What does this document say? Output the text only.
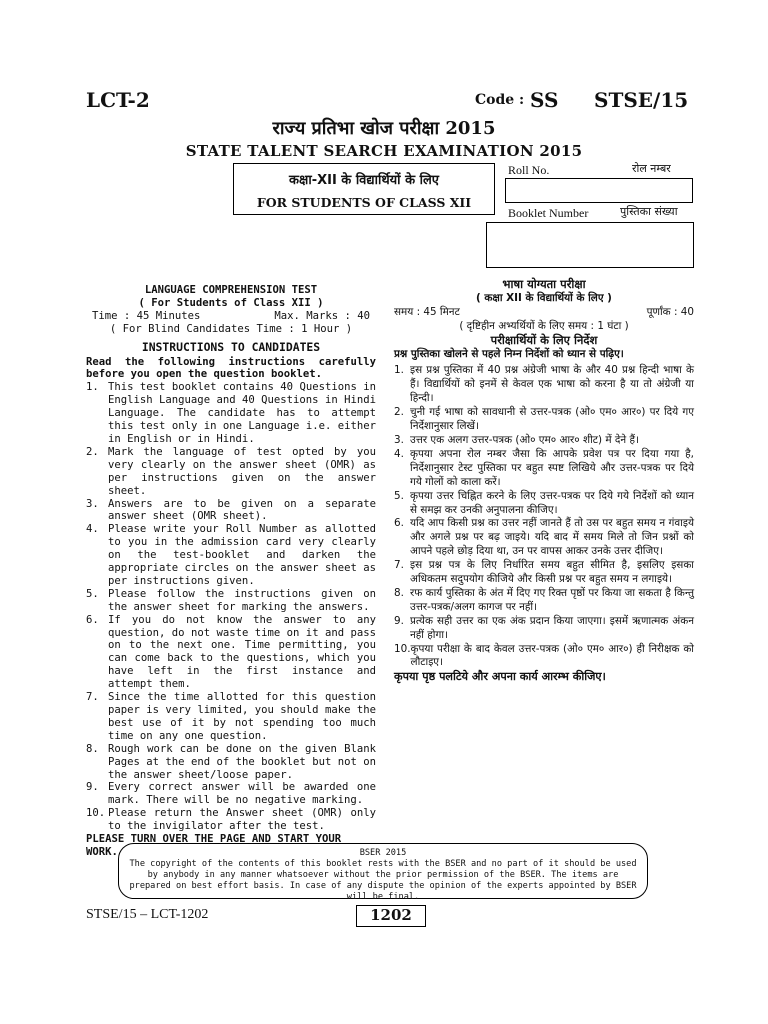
LCT-2	Code : SS STSE/15
राज्य प्रतिभा खोज परीक्षा 2015
STATE TALENT SEARCH EXAMINATION 2015
कक्षा-XII के विद्यार्थियों के लिए
FOR STUDENTS OF CLASS XII
Roll No.	रोल नम्बर
Booklet Number	पुस्तिका संख्या
LANGUAGE COMPREHENSION TEST
( For Students of Class XII )
Time : 45 Minutes	Max. Marks : 40
( For Blind Candidates Time : 1 Hour )
INSTRUCTIONS TO CANDIDATES
Read the following instructions carefully before you open the question booklet.
1. This test booklet contains 40 Questions in English Language and 40 Questions in Hindi Language. The candidate has to attempt this test only in one Language i.e. either in English or in Hindi.
2. Mark the language of test opted by you very clearly on the answer sheet (OMR) as per instructions given on the answer sheet.
3. Answers are to be given on a separate answer sheet (OMR sheet).
4. Please write your Roll Number as allotted to you in the admission card very clearly on the test-booklet and darken the appropriate circles on the answer sheet as per instructions given.
5. Please follow the instructions given on the answer sheet for marking the answers.
6. If you do not know the answer to any question, do not waste time on it and pass on to the next one. Time permitting, you can come back to the questions, which you have left in the first instance and attempt them.
7. Since the time allotted for this question paper is very limited, you should make the best use of it by not spending too much time on any one question.
8. Rough work can be done on the given Blank Pages at the end of the booklet but not on the answer sheet/loose paper.
9. Every correct answer will be awarded one mark. There will be no negative marking.
10. Please return the Answer sheet (OMR) only to the invigilator after the test.
PLEASE TURN OVER THE PAGE AND START YOUR WORK.
भाषा योग्यता परीक्षा
( कक्षा XII के विद्यार्थियों के लिए )
समय : 45 मिनट	पूर्णांक : 40
( दृष्टिहीन अभ्यर्थियों के लिए समय : 1 घंटा )
परीक्षार्थियों के लिए निर्देश
प्रश्न पुस्तिका खोलने से पहले निम्न निर्देशों को ध्यान से पढ़िए।
1. इस प्रश्न पुस्तिका में 40 प्रश्न अंग्रेजी भाषा के और 40 प्रश्न हिन्दी भाषा के हैं। विद्यार्थियों को इनमें से केवल एक भाषा को करना है या तो अंग्रेजी या हिन्दी।
2. चुनी गई भाषा को सावधानी से उत्तर-पत्रक (ओ० एम० आर०) पर दिये गए निर्देशानुसार लिखें।
3. उत्तर एक अलग उत्तर-पत्रक (ओ० एम० आर० शीट) में देने हैं।
4. कृपया अपना रोल नम्बर जैसा कि आपके प्रवेश पत्र पर दिया गया है, निर्देशानुसार टेस्ट पुस्तिका पर बहुत स्पष्ट लिखिये और उत्तर-पत्रक पर दिये गये गोलों को काला करें।
5. कृपया उत्तर चिह्नित करने के लिए उत्तर-पत्रक पर दिये गये निर्देशों को ध्यान से समझ कर उनकी अनुपालना कीजिए।
6. यदि आप किसी प्रश्न का उत्तर नहीं जानते हैं तो उस पर बहुत समय न गंवाइये और अगले प्रश्न पर बढ़ जाइये। यदि बाद में समय मिले तो जिन प्रश्नों को आपने पहले छोड़ दिया था, उन पर वापस आकर उनके उत्तर दीजिए।
7. इस प्रश्न पत्र के लिए निर्धारित समय बहुत सीमित है, इसलिए इसका अधिकतम सदुपयोग कीजिये और किसी प्रश्न पर बहुत समय न लगाइये।
8. रफ कार्य पुस्तिका के अंत में दिए गए रिक्त पृष्ठों पर किया जा सकता है किन्तु उत्तर-पत्रक/अलग कागज पर नहीं।
9. प्रत्येक सही उत्तर का एक अंक प्रदान किया जाएगा। इसमें ऋणात्मक अंकन नहीं होगा।
10. कृपया परीक्षा के बाद केवल उत्तर-पत्रक (ओ० एम० आर०) ही निरीक्षक को लौटाइए।
कृपया पृष्ठ पलटिये और अपना कार्य आरम्भ कीजिए।
BSER 2015
The copyright of the contents of this booklet rests with the BSER and no part of it should be used by anybody in any manner whatsoever without the prior permission of the BSER. The items are prepared on best effort basis. In case of any dispute the opinion of the experts appointed by BSER will be final.
STSE/15 – LCT-1202	1202
